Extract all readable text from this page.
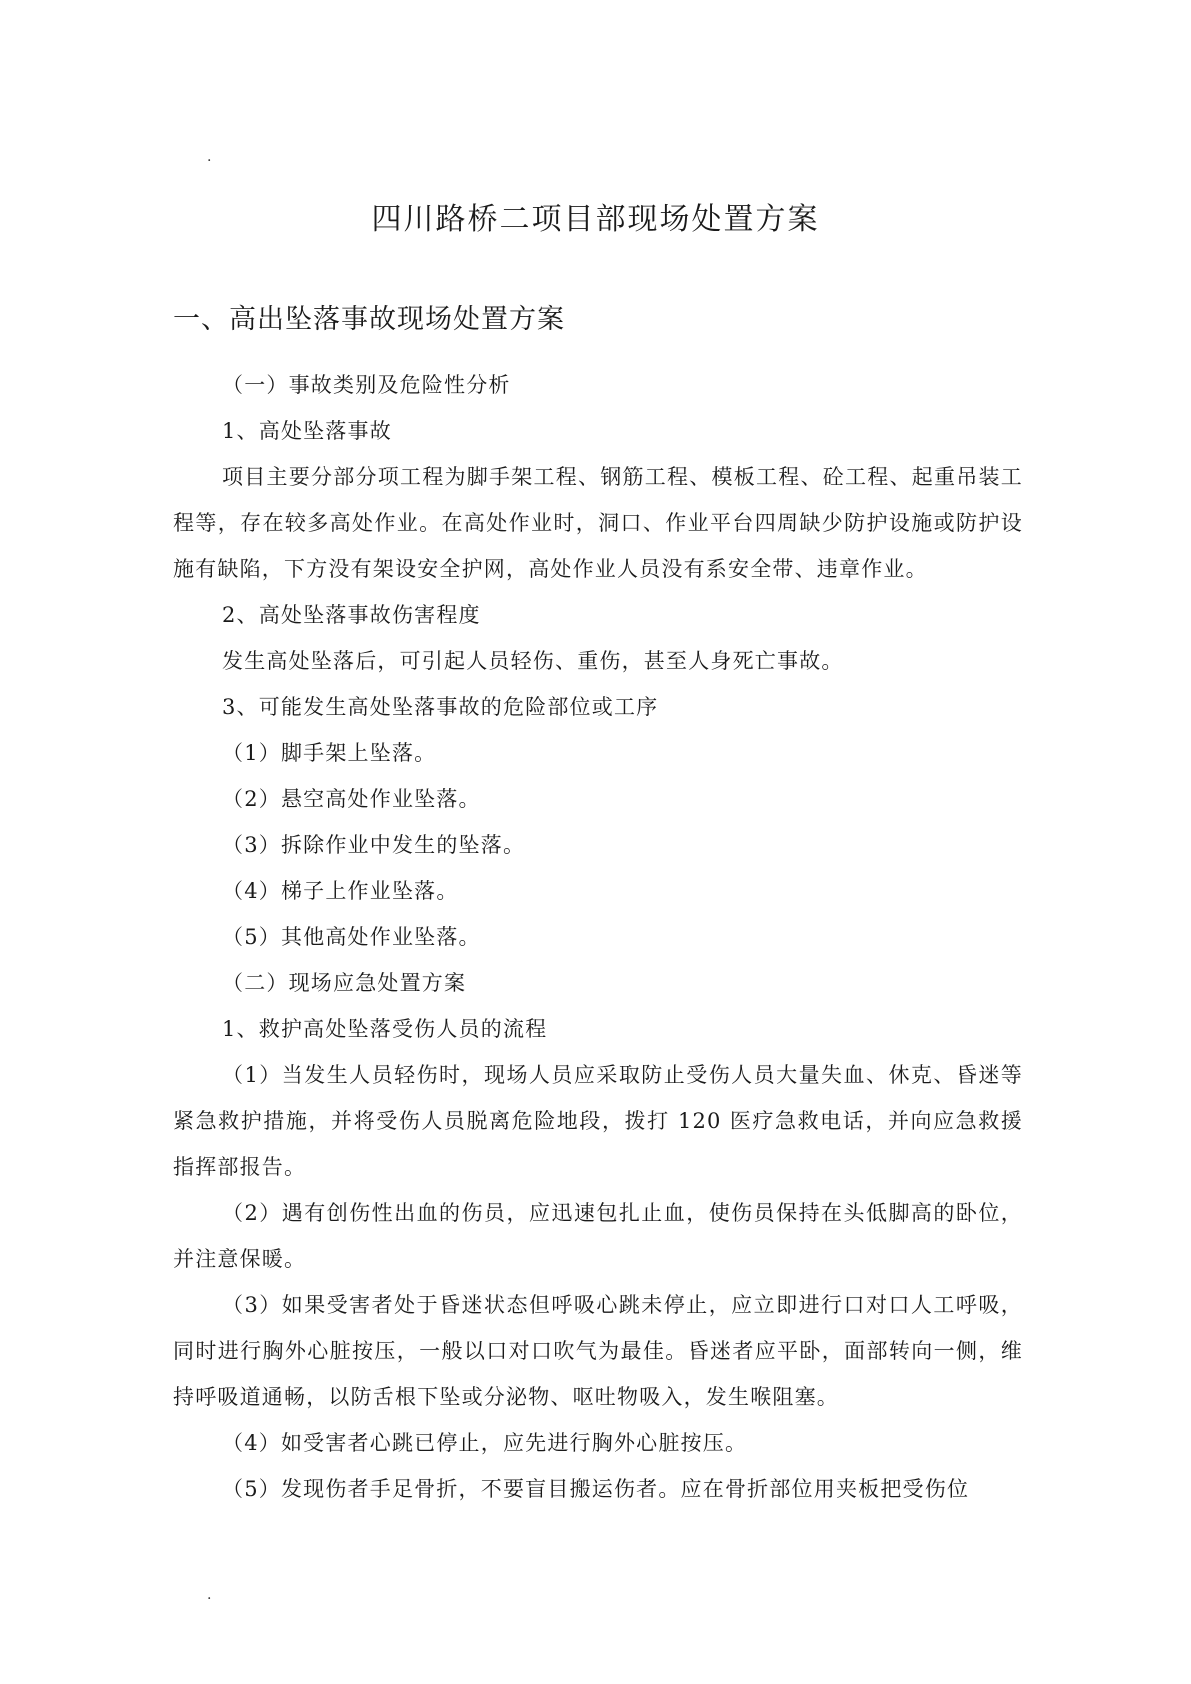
.
四川路桥二项目部现场处置方案
一、高出坠落事故现场处置方案

（一）事故类别及危险性分析

1、高处坠落事故

项目主要分部分项工程为脚手架工程、钢筋工程、模板工程、砼工程、起重吊装工程等，存在较多高处作业。在高处作业时，洞口、作业平台四周缺少防护设施或防护设施有缺陷，下方没有架设安全护网，高处作业人员没有系安全带、违章作业。

2、高处坠落事故伤害程度

发生高处坠落后，可引起人员轻伤、重伤，甚至人身死亡事故。

3、可能发生高处坠落事故的危险部位或工序

（1）脚手架上坠落。

（2）悬空高处作业坠落。

（3）拆除作业中发生的坠落。

（4）梯子上作业坠落。

（5）其他高处作业坠落。

（二）现场应急处置方案

1、救护高处坠落受伤人员的流程

（1）当发生人员轻伤时，现场人员应采取防止受伤人员大量失血、休克、昏迷等紧急救护措施，并将受伤人员脱离危险地段，拨打 120 医疗急救电话，并向应急救援指挥部报告。

（2）遇有创伤性出血的伤员，应迅速包扎止血，使伤员保持在头低脚高的卧位，并注意保暖。

（3）如果受害者处于昏迷状态但呼吸心跳未停止，应立即进行口对口人工呼吸，同时进行胸外心脏按压，一般以口对口吹气为最佳。昏迷者应平卧，面部转向一侧，维持呼吸道通畅，以防舌根下坠或分泌物、呕吐物吸入，发生喉阻塞。

（4）如受害者心跳已停止，应先进行胸外心脏按压。

（5）发现伤者手足骨折，不要盲目搬运伤者。应在骨折部位用夹板把受伤位

.
